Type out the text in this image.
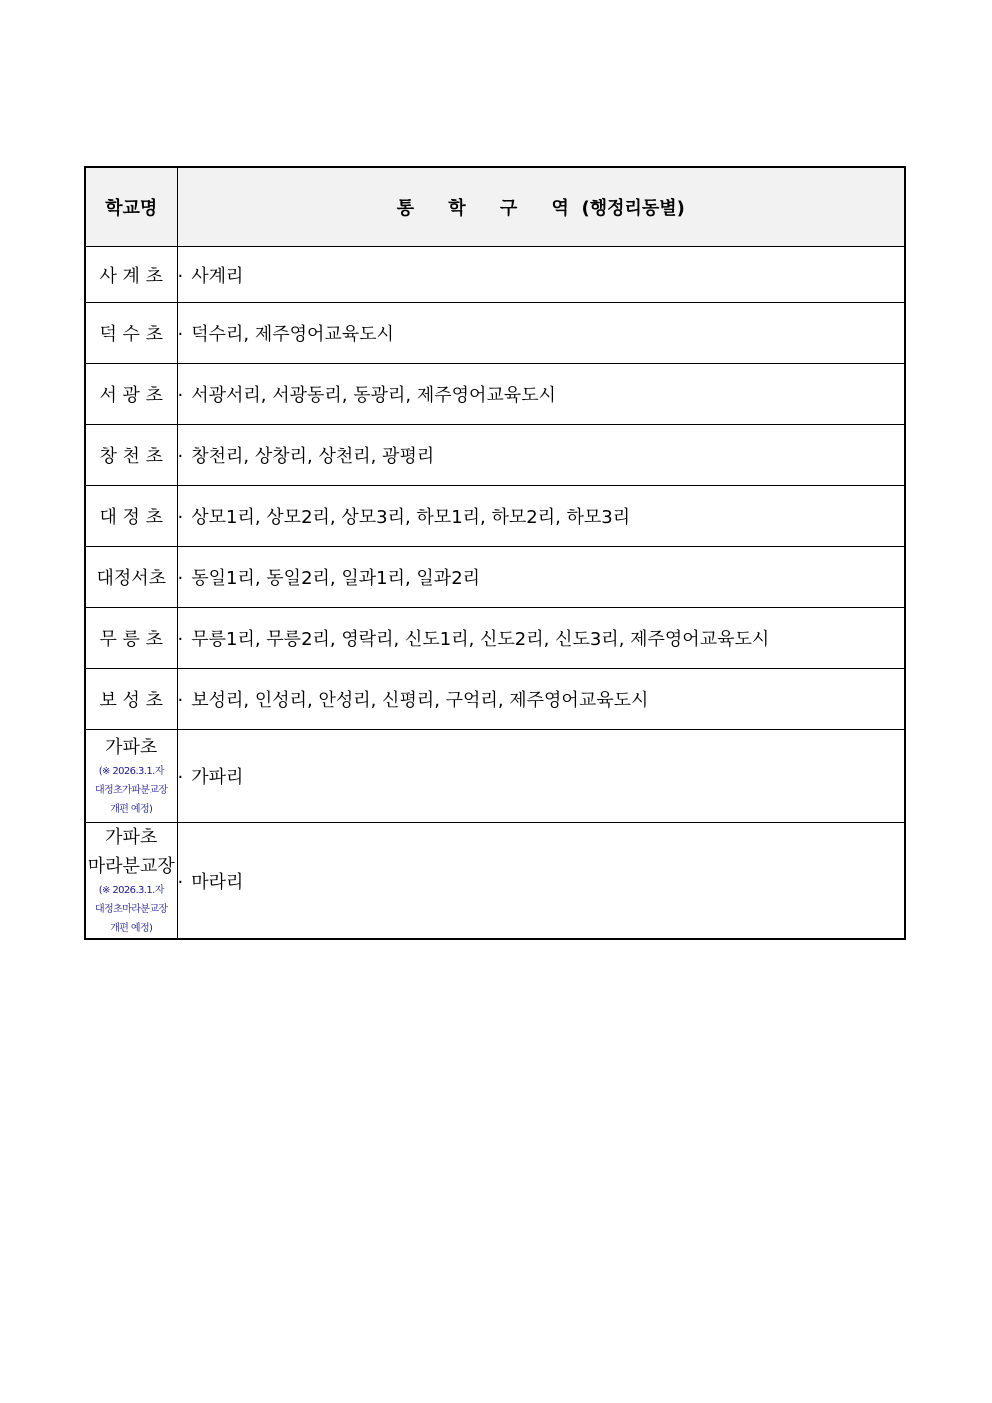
학교명	통 학 구 역 (행정리동별)
사 계 초	· 사계리
덕 수 초	· 덕수리, 제주영어교육도시
서 광 초	· 서광서리, 서광동리, 동광리, 제주영어교육도시
창 천 초	· 창천리, 상창리, 상천리, 광평리
대 정 초	· 상모1리, 상모2리, 상모3리, 하모1리, 하모2리, 하모3리
대정서초	· 동일1리, 동일2리, 일과1리, 일과2리
무 릉 초	· 무릉1리, 무릉2리, 영락리, 신도1리, 신도2리, 신도3리, 제주영어교육도시
보 성 초	· 보성리, 인성리, 안성리, 신평리, 구억리, 제주영어교육도시

가파초
(※ 2026.3.1.자
대정초가파분교장
개편 예정)	· 가파리

가파초
마라분교장
(※ 2026.3.1.자
대정초마라분교장
개편 예정)	· 마라리
